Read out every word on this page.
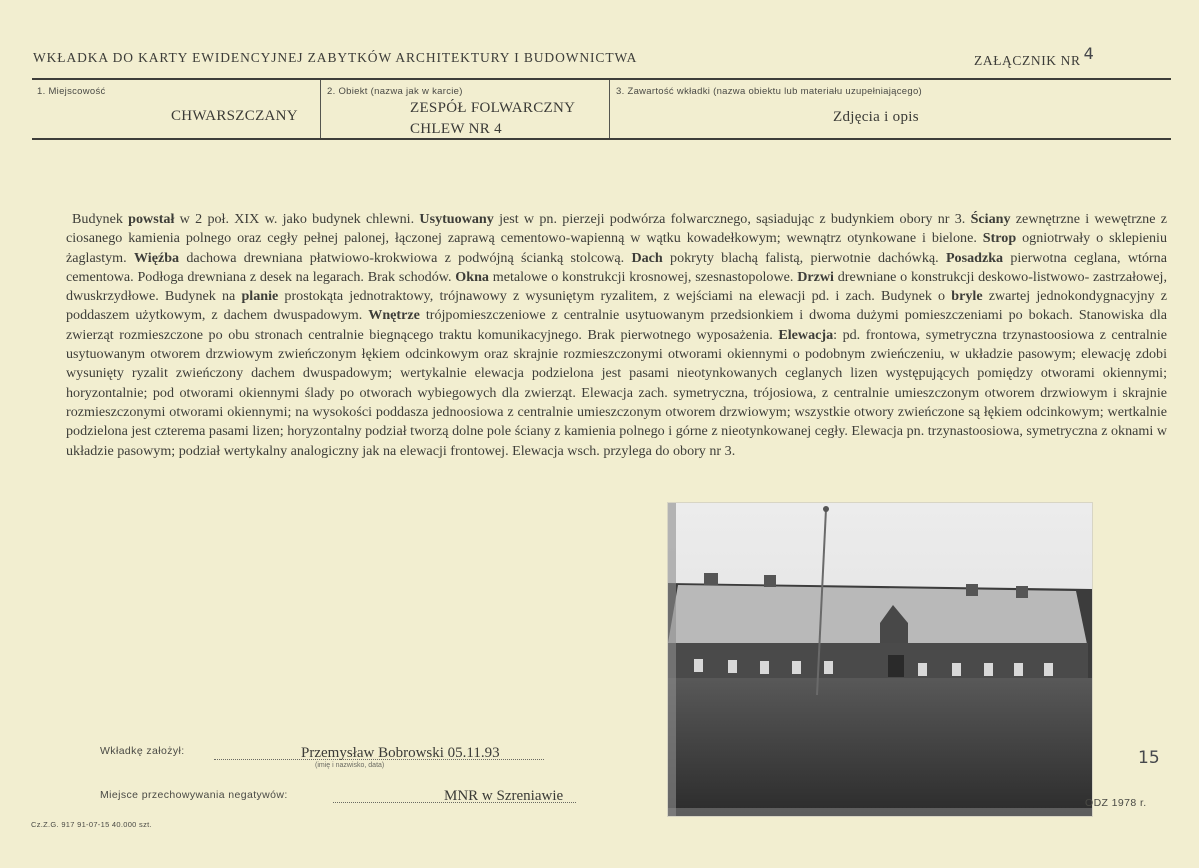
WKŁADKA DO KARTY EWIDENCYJNEJ ZABYTKÓW ARCHITEKTURY I BUDOWNICTWA	ZAŁĄCZNIK NR 4
1. Miejscowość
CHWARSZCZANY
2. Obiekt (nazwa jak w karcie)
ZESPÓŁ FOLWARCZNY
CHLEW NR 4
3. Zawartość wkładki (nazwa obiektu lub materiału uzupełniającego)
Zdjęcia i opis
Budynek powstał w 2 poł. XIX w. jako budynek chlewni. Usytuowany jest w pn. pierzeji podwórza folwarcznego, sąsiadując z budynkiem obory nr 3. Ściany zewnętrzne i wewętrzne z ciosanego kamienia polnego oraz cegły pełnej palonej, łączonej zaprawą cementowo-wapienną w wątku kowadełkowym; wewnątrz otynkowane i bielone. Strop ogniotrwały o sklepieniu żaglastym. Więźba dachowa drewniana płatwiowo-krokwiowa z podwójną ścianką stolcową. Dach pokryty blachą falistą, pierwotnie dachówką. Posadzka pierwotna ceglana, wtórna cementowa. Podłoga drewniana z desek na legarach. Brak schodów. Okna metalowe o konstrukcji krosnowej, szesnastopolowe. Drzwi drewniane o konstrukcji deskowo-listwowo- zastrzałowej, dwuskrzydłowe. Budynek na planie prostokąta jednotraktowy, trójnawowy z wysuniętym ryzalitem, z wejściami na elewacji pd. i zach. Budynek o bryle zwartej jednokondygnacyjny z poddaszem użytkowym, z dachem dwuspadowym. Wnętrze trójpomieszczeniowe z centralnie usytuowanym przedsionkiem i dwoma dużymi pomieszczeniami po bokach. Stanowiska dla zwierząt rozmieszczone po obu stronach centralnie biegnącego traktu komunikacyjnego. Brak pierwotnego wyposażenia. Elewacja: pd. frontowa, symetryczna trzynastoosiowa z centralnie usytuowanym otworem drzwiowym zwieńczonym łękiem odcinkowym oraz skrajnie rozmieszczonymi otworami okiennymi o podobnym zwieńczeniu, w układzie pasowym; elewację zdobi wysunięty ryzalit zwieńczony dachem dwuspadowym; wertykalnie elewacja podzielona jest pasami nieotynkowanych ceglanych lizen występujących pomiędzy otworami okiennymi; horyzontalnie; pod otworami okiennymi ślady po otworach wybiegowych dla zwierząt. Elewacja zach. symetryczna, trójosiowa, z centralnie umieszczonym otworem drzwiowym i skrajnie rozmieszczonymi otworami okiennymi; na wysokości poddasza jednoosiowa z centralnie umieszczonym otworem drzwiowym; wszystkie otwory zwieńczone są łękiem odcinkowym; wertkalnie podzielona jest czterema pasami lizen; horyzontalny podział tworzą dolne pole ściany z kamienia polnego i górne z nieotynkowanej cegły. Elewacja pn. trzynastoosiowa, symetryczna z oknami w układzie pasowym; podział wertykalny analogiczny jak na elewacji frontowej. Elewacja wsch. przylega do obory nr 3.
Wkładkę założył:	Przemysław Bobrowski 05.11.93
(imię i nazwisko, data)
Miejsce przechowywania negatywów:	MNR w Szreniawie
15
ODZ 1978 r.
Cz.Z.G. 917 91-07-15 40.000 szt.
